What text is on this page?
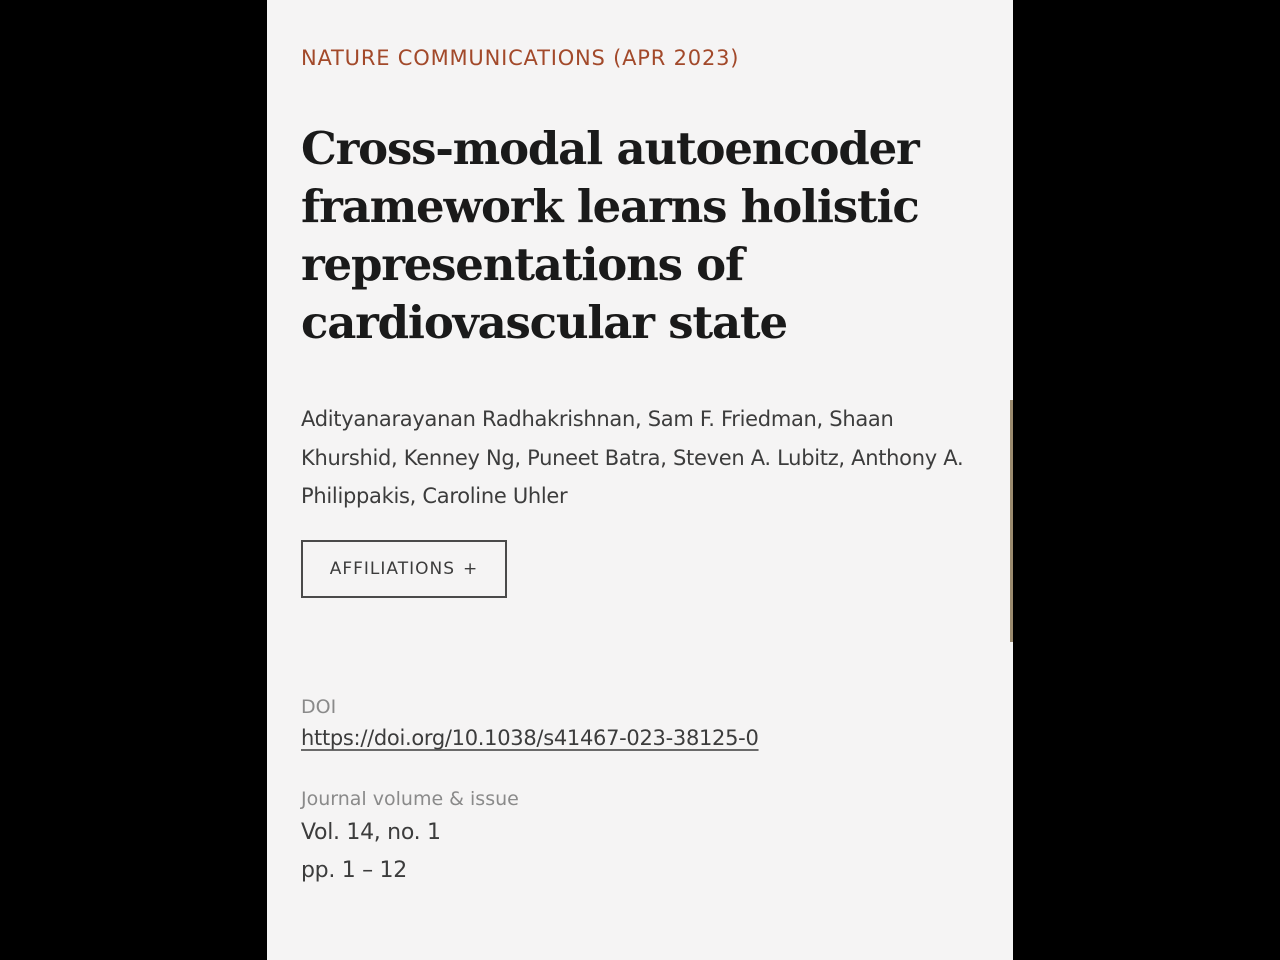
NATURE COMMUNICATIONS (APR 2023)
Cross-modal autoencoder framework learns holistic representations of cardiovascular state
Adityanarayanan Radhakrishnan, Sam F. Friedman, Shaan Khurshid, Kenney Ng, Puneet Batra, Steven A. Lubitz, Anthony A. Philippakis, Caroline Uhler
AFFILIATIONS +
DOI
https://doi.org/10.1038/s41467-023-38125-0
Journal volume & issue
Vol. 14, no. 1
pp. 1 – 12
